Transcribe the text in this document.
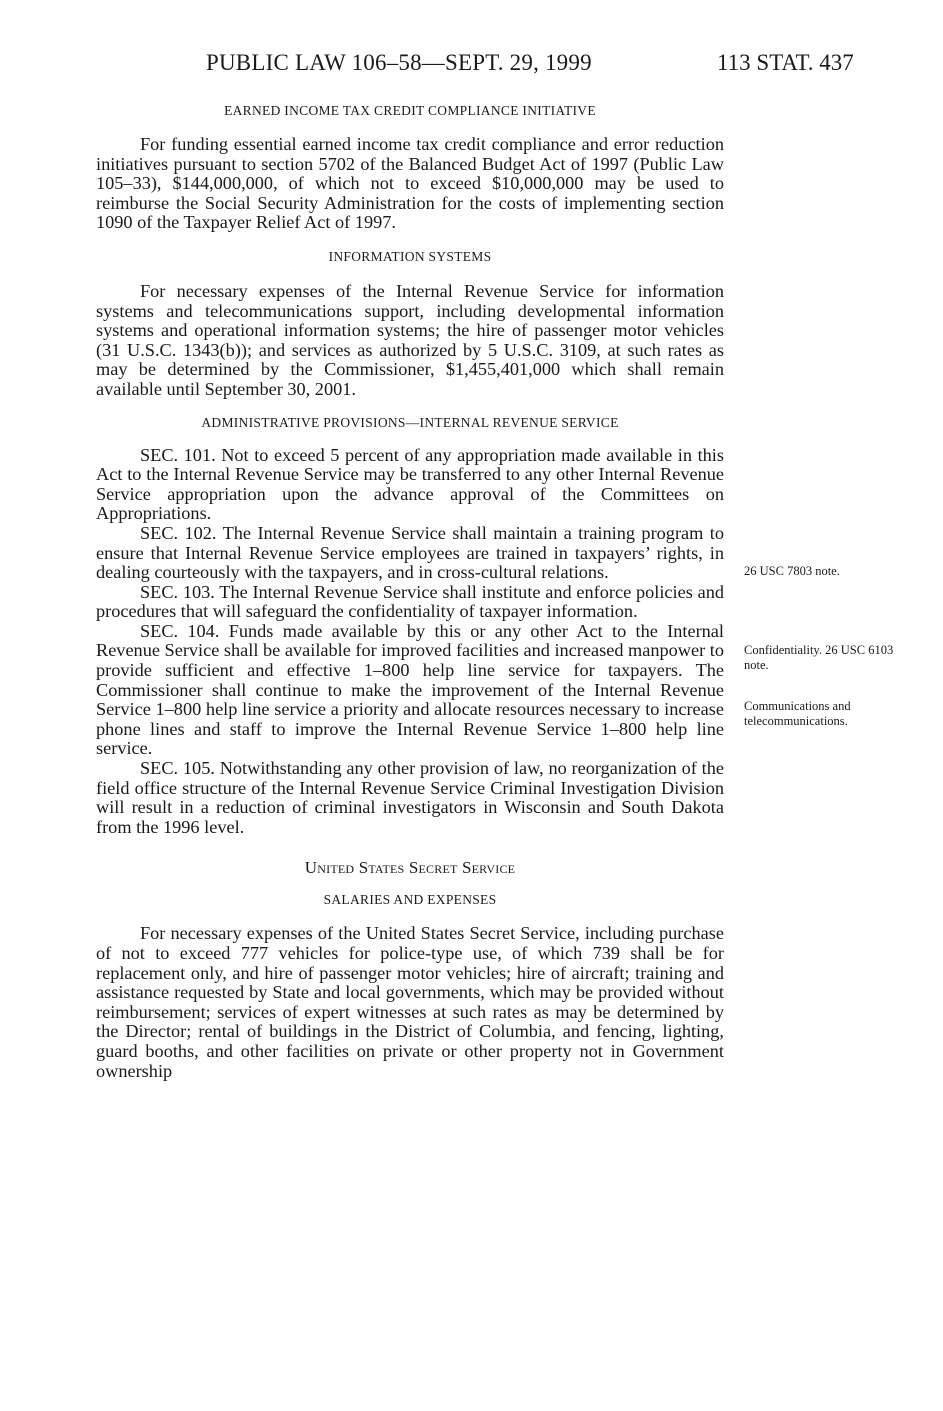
PUBLIC LAW 106–58—SEPT. 29, 1999	113 STAT. 437

EARNED INCOME TAX CREDIT COMPLIANCE INITIATIVE

For funding essential earned income tax credit compliance and error reduction initiatives pursuant to section 5702 of the Balanced Budget Act of 1997 (Public Law 105–33), $144,000,000, of which not to exceed $10,000,000 may be used to reimburse the Social Security Administration for the costs of implementing section 1090 of the Taxpayer Relief Act of 1997.

INFORMATION SYSTEMS

For necessary expenses of the Internal Revenue Service for information systems and telecommunications support, including developmental information systems and operational information systems; the hire of passenger motor vehicles (31 U.S.C. 1343(b)); and services as authorized by 5 U.S.C. 3109, at such rates as may be determined by the Commissioner, $1,455,401,000 which shall remain available until September 30, 2001.

ADMINISTRATIVE PROVISIONS—INTERNAL REVENUE SERVICE

SEC. 101. Not to exceed 5 percent of any appropriation made available in this Act to the Internal Revenue Service may be transferred to any other Internal Revenue Service appropriation upon the advance approval of the Committees on Appropriations.

SEC. 102. The Internal Revenue Service shall maintain a training program to ensure that Internal Revenue Service employees are trained in taxpayers’ rights, in dealing courteously with the taxpayers, and in cross-cultural relations.

SEC. 103. The Internal Revenue Service shall institute and enforce policies and procedures that will safeguard the confidentiality of taxpayer information.

SEC. 104. Funds made available by this or any other Act to the Internal Revenue Service shall be available for improved facilities and increased manpower to provide sufficient and effective 1–800 help line service for taxpayers. The Commissioner shall continue to make the improvement of the Internal Revenue Service 1–800 help line service a priority and allocate resources necessary to increase phone lines and staff to improve the Internal Revenue Service 1–800 help line service.

SEC. 105. Notwithstanding any other provision of law, no reorganization of the field office structure of the Internal Revenue Service Criminal Investigation Division will result in a reduction of criminal investigators in Wisconsin and South Dakota from the 1996 level.

United States Secret Service

SALARIES AND EXPENSES

For necessary expenses of the United States Secret Service, including purchase of not to exceed 777 vehicles for police-type use, of which 739 shall be for replacement only, and hire of passenger motor vehicles; hire of aircraft; training and assistance requested by State and local governments, which may be provided without reimbursement; services of expert witnesses at such rates as may be determined by the Director; rental of buildings in the District of Columbia, and fencing, lighting, guard booths, and other facilities on private or other property not in Government ownership

26 USC 7803 note.
Confidentiality. 26 USC 6103 note.
Communications and telecommunications.
